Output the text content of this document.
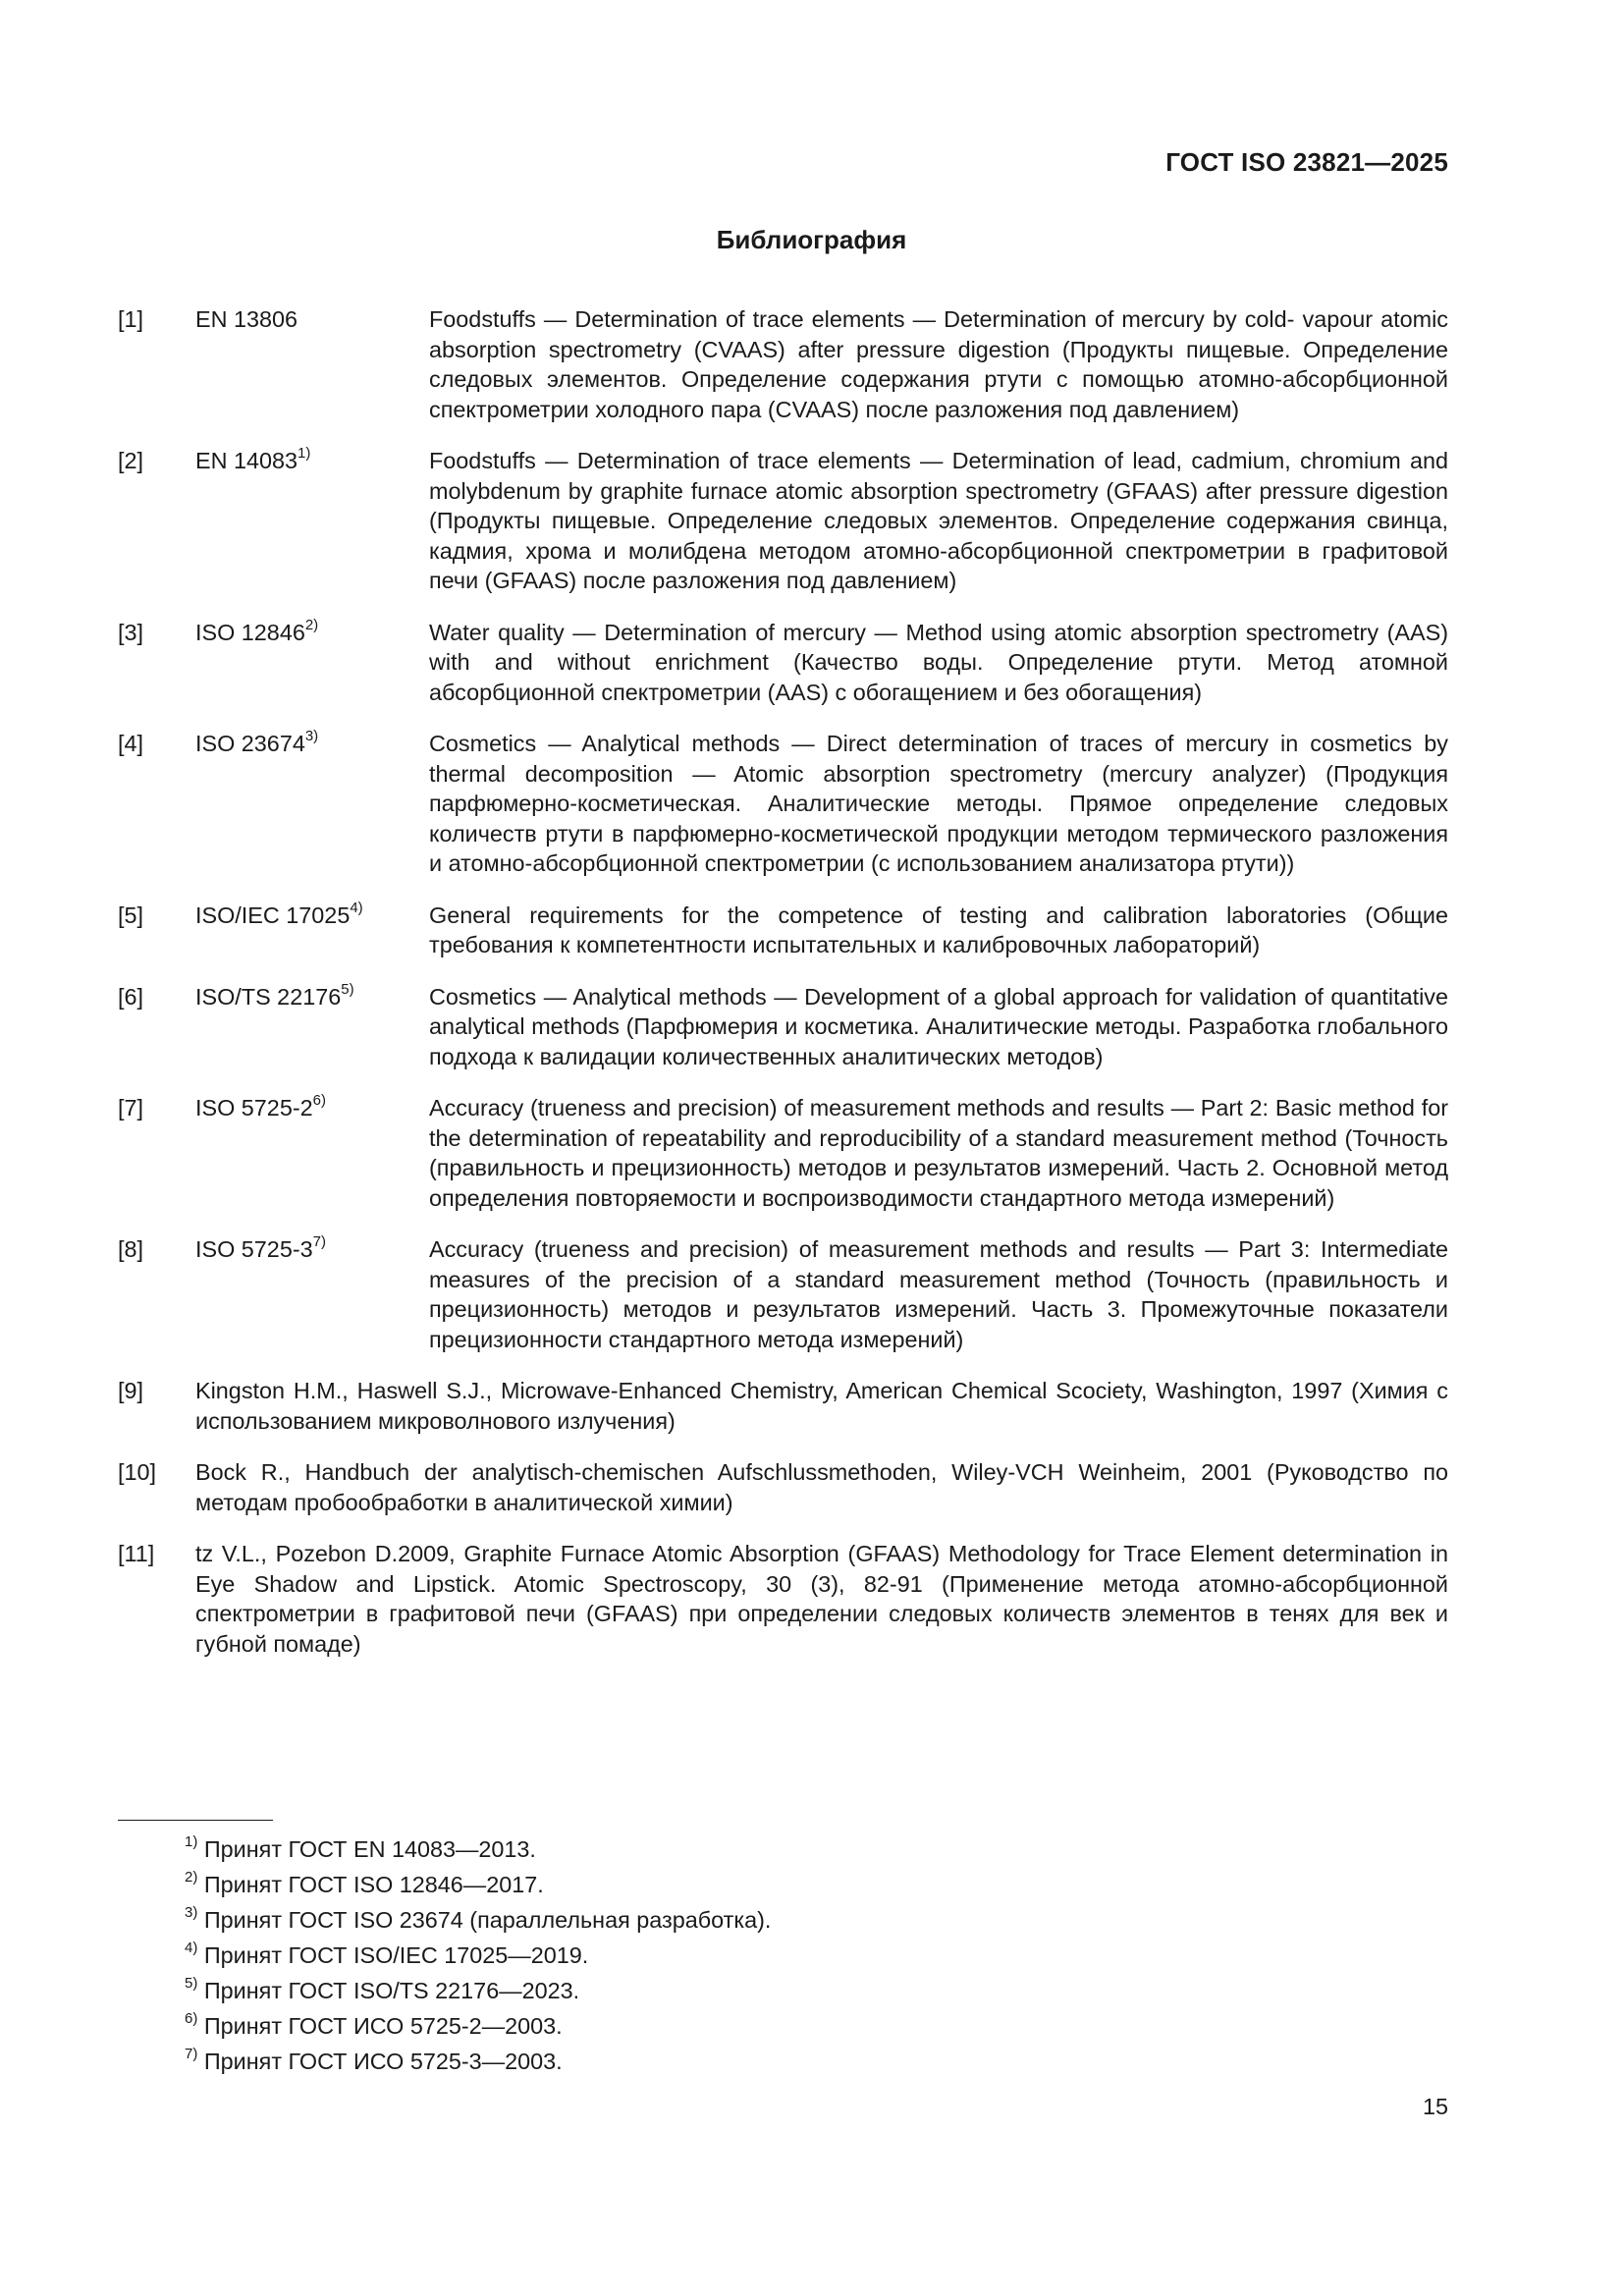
ГОСТ ISO 23821—2025
Библиография
[1] EN 13806	Foodstuffs — Determination of trace elements — Determination of mercury by cold- vapour atomic absorption spectrometry (CVAAS) after pressure digestion (Продукты пищевые. Определение следовых элементов. Определение содержания ртути с помощью атомно-абсорбционной спектрометрии холодного пара (CVAAS) после разложения под давлением)
[2] EN 14083$^{1)}$	Foodstuffs — Determination of trace elements — Determination of lead, cadmium, chromium and molybdenum by graphite furnace atomic absorption spectrometry (GFAAS) after pressure digestion (Продукты пищевые. Определение следовых элементов. Определение содержания свинца, кадмия, хрома и молибдена методом атомно-абсорбционной спектрометрии в графитовой печи (GFAAS) после разложения под давлением)
[3] ISO 12846$^{2)}$	Water quality — Determination of mercury — Method using atomic absorption spectrometry (AAS) with and without enrichment (Качество воды. Определение ртути. Метод атомной абсорбционной спектрометрии (AAS) с обогащением и без обогащения)
[4] ISO 23674$^{3)}$	Cosmetics — Analytical methods — Direct determination of traces of mercury in cosmetics by thermal decomposition — Atomic absorption spectrometry (mercury analyzer) (Продукция парфюмерно-косметическая. Аналитические методы. Прямое определение следовых количеств ртути в парфюмерно-косметической продукции методом термического разложения и атомно-абсорбционной спектрометрии (с использованием анализатора ртути))
[5] ISO/IEC 17025$^{4)}$	General requirements for the competence of testing and calibration laboratories (Общие требования к компетентности испытательных и калибровочных лабораторий)
[6] ISO/TS 22176$^{5)}$	Cosmetics — Analytical methods — Development of a global approach for validation of quantitative analytical methods (Парфюмерия и косметика. Аналитические методы. Разработка глобального подхода к валидации количественных аналитических методов)
[7] ISO 5725-2$^{6)}$	Accuracy (trueness and precision) of measurement methods and results — Part 2: Basic method for the determination of repeatability and reproducibility of a standard measurement method (Точность (правильность и прецизионность) методов и результатов измерений. Часть 2. Основной метод определения повторяемости и воспроизводимости стандартного метода измерений)
[8] ISO 5725-3$^{7)}$	Accuracy (trueness and precision) of measurement methods and results — Part 3: Intermediate measures of the precision of a standard measurement method (Точность (правильность и прецизионность) методов и результатов измерений. Часть 3. Промежуточные показатели прецизионности стандартного метода измерений)
[9] Kingston H.M., Haswell S.J., Microwave-Enhanced Chemistry, American Chemical Scociety, Washington, 1997 (Химия с использованием микроволнового излучения)
[10] Bock R., Handbuch der analytisch-chemischen Aufschlussmethoden, Wiley-VCH Weinheim, 2001 (Руководство по методам пробообработки в аналитической химии)
[11] tz V.L., Pozebon D.2009, Graphite Furnace Atomic Absorption (GFAAS) Methodology for Trace Element determination in Eye Shadow and Lipstick. Atomic Spectroscopy, 30 (3), 82-91 (Применение метода атомно-абсорбционной спектрометрии в графитовой печи (GFAAS) при определении следовых количеств элементов в тенях для век и губной помаде)
$^{1)}$ Принят ГОСТ EN 14083—2013.
$^{2)}$ Принят ГОСТ ISO 12846—2017.
$^{3)}$ Принят ГОСТ ISO 23674 (параллельная разработка).
$^{4)}$ Принят ГОСТ ISO/IEC 17025—2019.
$^{5)}$ Принят ГОСТ ISO/TS 22176—2023.
$^{6)}$ Принят ГОСТ ИСО 5725-2—2003.
$^{7)}$ Принят ГОСТ ИСО 5725-3—2003.
15
